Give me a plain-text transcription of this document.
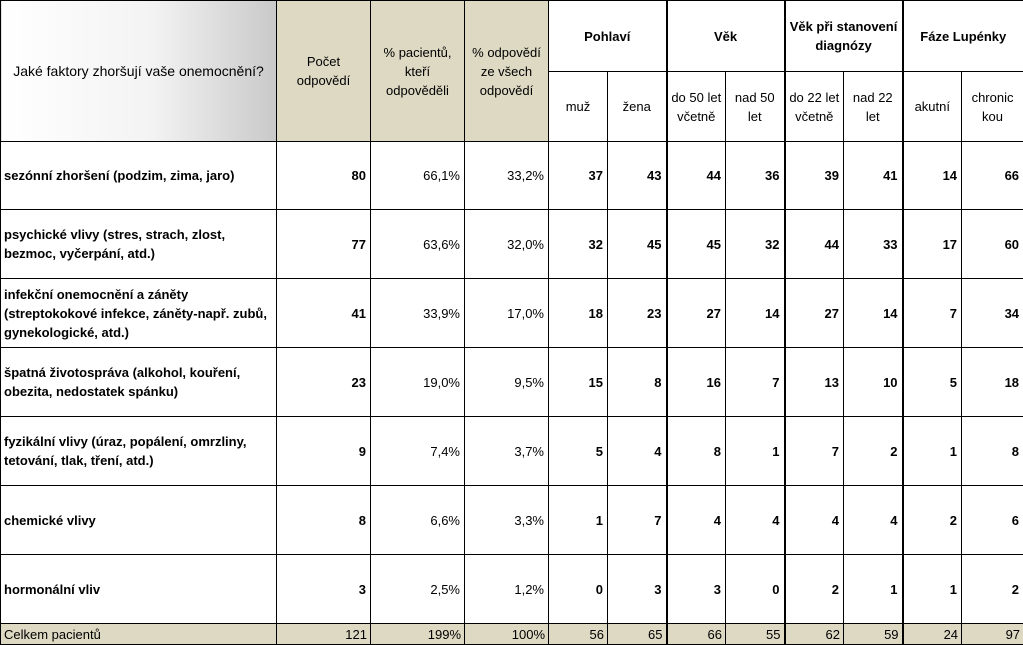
Jaké faktory zhoršují vaše onemocnění?	Počet odpovědí	% pacientů, kteří odpověděli	% odpovědí ze všech odpovědí	Pohlaví		Věk		Věk při stanovení diagnózy		Fáze Lupénky	
				muž	žena	do 50 let včetně	nad 50 let	do 22 let včetně	nad 22 let	akutní	chronic kou
sezónní zhoršení (podzim, zima, jaro)	80	66,1%	33,2%	37	43	44	36	39	41	14	66
psychické vlivy (stres, strach, zlost, bezmoc, vyčerpání, atd.)	77	63,6%	32,0%	32	45	45	32	44	33	17	60
infekční onemocnění a záněty (streptokokové infekce, záněty-např. zubů, gynekologické, atd.)	41	33,9%	17,0%	18	23	27	14	27	14	7	34
špatná životospráva (alkohol, kouření, obezita, nedostatek spánku)	23	19,0%	9,5%	15	8	16	7	13	10	5	18
fyzikální vlivy (úraz, popálení, omrzliny, tetování, tlak, tření, atd.)	9	7,4%	3,7%	5	4	8	1	7	2	1	8
chemické vlivy	8	6,6%	3,3%	1	7	4	4	4	4	2	6
hormonální vliv	3	2,5%	1,2%	0	3	3	0	2	1	1	2
Celkem pacientů	121	199%	100%	56	65	66	55	62	59	24	97
